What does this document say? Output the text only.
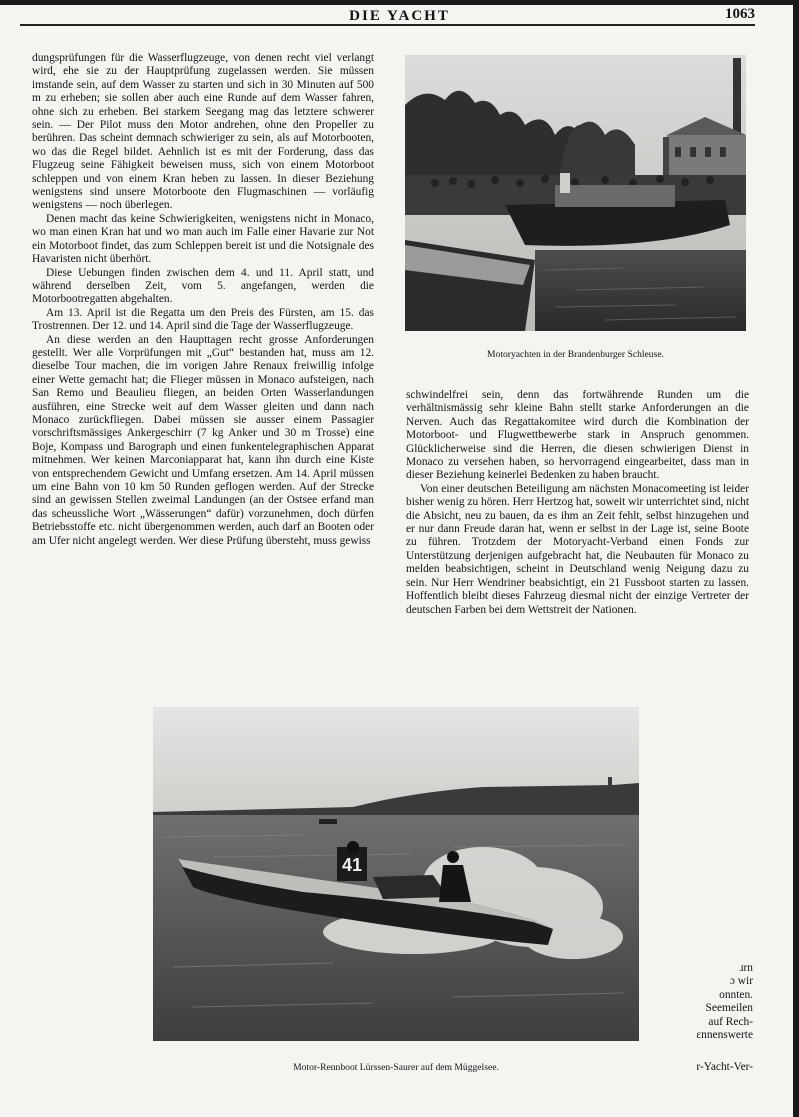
DIE YACHT	1063

dungsprüfungen für die Wasserflugzeuge, von denen recht viel verlangt wird, ehe sie zu der Hauptprüfung zugelassen werden. Sie müssen imstande sein, auf dem Wasser zu starten und sich in 30 Minuten auf 500 m zu erheben; sie sollen aber auch eine Runde auf dem Wasser fahren, ohne sich zu erheben. Bei starkem Seegang mag das letztere schwerer sein. — Der Pilot muss den Motor andrehen, ohne den Propeller zu berühren. Das scheint demnach schwieriger zu sein, als auf Motorbooten, wo das die Regel bildet. Aehnlich ist es mit der Forderung, dass das Flugzeug seine Fähigkeit beweisen muss, sich von einem Motorboot schleppen und von einem Kran heben zu lassen. In dieser Beziehung wenigstens sind unsere Motorboote den Flugmaschinen — vorläufig wenigstens — noch überlegen.

Denen macht das keine Schwierigkeiten, wenigstens nicht in Monaco, wo man einen Kran hat und wo man auch im Falle einer Havarie zur Not ein Motorboot findet, das zum Schleppen bereit ist und die Notsignale des Havaristen nicht überhört.

Diese Uebungen finden zwischen dem 4. und 11. April statt, und während derselben Zeit, vom 5. angefangen, werden die Motorbootregatten abgehalten.

Am 13. April ist die Regatta um den Preis des Fürsten, am 15. das Trostrennen. Der 12. und 14. April sind die Tage der Wasserflugzeuge.

An diese werden an den Haupttagen recht grosse Anforderungen gestellt. Wer alle Vorprüfungen mit „Gut“ bestanden hat, muss am 12. dieselbe Tour machen, die im vorigen Jahre Renaux freiwillig infolge einer Wette gemacht hat; die Flieger müssen in Monaco aufsteigen, nach San Remo und Beaulieu fliegen, an beiden Orten Wasserlandungen ausführen, eine Strecke weit auf dem Wasser gleiten und dann nach Monaco zurückfliegen. Dabei müssen sie ausser einem Passagier vorschriftsmässiges Ankergeschirr (7 kg Anker und 30 m Trosse) eine Boje, Kompass und Barograph und einen funkentelegraphischen Apparat mitnehmen. Wer keinen Marconiapparat hat, kann ihn durch eine Kiste von entsprechendem Gewicht und Umfang ersetzen. Am 14. April müssen um eine Bahn von 10 km 50 Runden geflogen werden. Auf der Strecke sind an gewissen Stellen zweimal Landungen (an der Ostsee erfand man das scheussliche Wort „Wässerungen“ dafür) vorzunehmen, doch dürfen Betriebsstoffe etc. nicht übergenommen werden, auch darf an Booten oder am Ufer nicht angelegt werden. Wer diese Prüfung übersteht, muss gewiss

Motoryachten in der Brandenburger Schleuse.

schwindelfrei sein, denn das fortwährende Runden um die verhältnismässig sehr kleine Bahn stellt starke Anforderungen an die Nerven. Auch das Regattakomitee wird durch die Kombination der Motorboot- und Flugwettbewerbe stark in Anspruch genommen. Glücklicherweise sind die Herren, die diesen schwierigen Dienst in Monaco zu versehen haben, so hervorragend eingearbeitet, dass man in dieser Beziehung keinerlei Bedenken zu haben braucht.

Von einer deutschen Beteiligung am nächsten Monacomeeting ist leider bisher wenig zu hören. Herr Hertzog hat, soweit wir unterrichtet sind, nicht die Absicht, neu zu bauen, da es ihm an Zeit fehlt, selbst hinzugehen und er nur dann Freude daran hat, wenn er selbst in der Lage ist, seine Boote zu führen. Trotzdem der Motoryacht-Verband einen Fonds zur Unterstützung derjenigen aufgebracht hat, die Neubauten für Monaco zu melden beabsichtigen, scheint in Deutschland wenig Neigung dazu zu sein. Nur Herr Wendriner beabsichtigt, ein 21 Fussboot starten zu lassen. Hoffentlich bleibt dieses Fahrzeug diesmal nicht der einzige Vertreter der deutschen Farben bei dem Wettstreit der Nationen.

41
Motor-Rennboot Lürssen-Saurer auf dem Müggelsee.
ɹrn
ɔ wir
onnten.
Seemeilen
auf Rech-
ɛnnenswerte
r-Yacht-Ver-
